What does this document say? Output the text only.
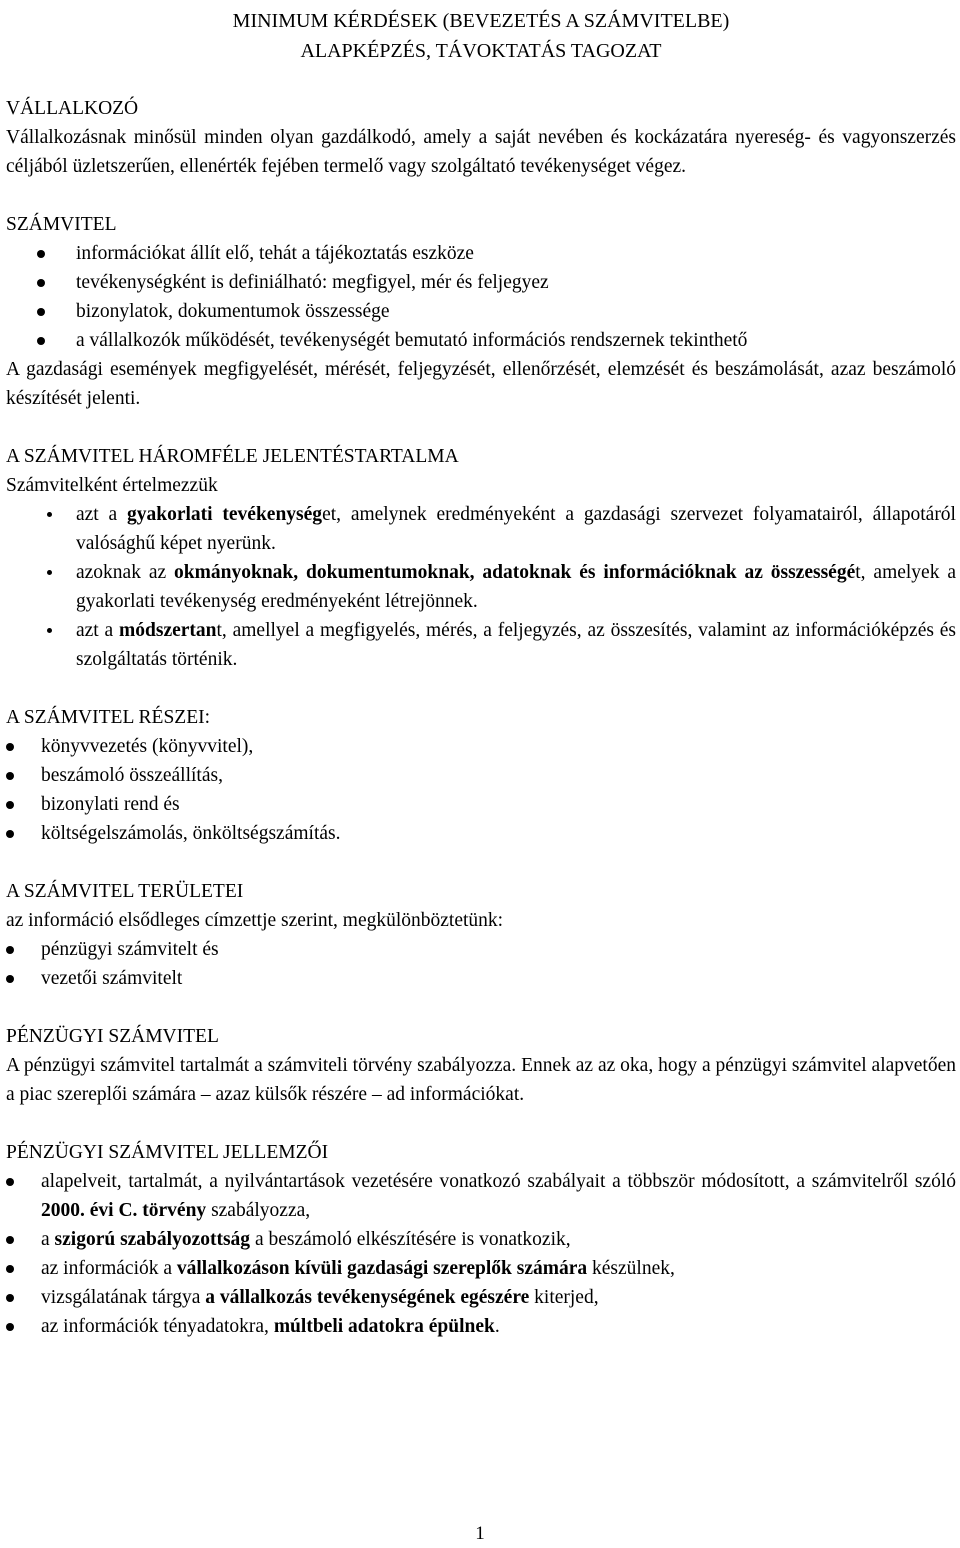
MINIMUM KÉRDÉSEK (BEVEZETÉS A SZÁMVITELBE)
ALAPKÉPZÉS, TÁVOKTATÁS TAGOZAT

VÁLLALKOZÓ

Vállalkozásnak minősül minden olyan gazdálkodó, amely a saját nevében és kockázatára nyereség- és vagyonszerzés céljából üzletszerűen, ellenérték fejében termelő vagy szolgáltató tevékenységet végez.

SZÁMVITEL

információkat állít elő, tehát a tájékoztatás eszköze
tevékenységként is definiálható: megfigyel, mér és feljegyez
bizonylatok, dokumentumok összessége
a vállalkozók működését, tevékenységét bemutató információs rendszernek tekinthető

A gazdasági események megfigyelését, mérését, feljegyzését, ellenőrzését, elemzését és beszámolását, azaz beszámoló készítését jelenti.

A SZÁMVITEL HÁROMFÉLE JELENTÉSTARTALMA

Számvitelként értelmezzük

azt a gyakorlati tevékenységet, amelynek eredményeként a gazdasági szervezet folyamatairól, állapotáról valósághű képet nyerünk.
azoknak az okmányoknak, dokumentumoknak, adatoknak és információknak az összességét, amelyek a gyakorlati tevékenység eredményeként létrejönnek.
azt a módszertant, amellyel a megfigyelés, mérés, a feljegyzés, az összesítés, valamint az információképzés és szolgáltatás történik.

A SZÁMVITEL RÉSZEI:

könyvvezetés (könyvvitel),
beszámoló összeállítás,
bizonylati rend és
költségelszámolás, önköltségszámítás.

A SZÁMVITEL TERÜLETEI

az információ elsődleges címzettje szerint, megkülönböztetünk:

pénzügyi számvitelt és
vezetői számvitelt

PÉNZÜGYI SZÁMVITEL

A pénzügyi számvitel tartalmát a számviteli törvény szabályozza. Ennek az az oka, hogy a pénzügyi számvitel alapvetően a piac szereplői számára – azaz külsők részére – ad információkat.

PÉNZÜGYI SZÁMVITEL JELLEMZŐI

alapelveit, tartalmát, a nyilvántartások vezetésére vonatkozó szabályait a többször módosított, a számvitelről szóló 2000. évi C. törvény szabályozza,
a szigorú szabályozottság a beszámoló elkészítésére is vonatkozik,
az információk a vállalkozáson kívüli gazdasági szereplők számára készülnek,
vizsgálatának tárgya a vállalkozás tevékenységének egészére kiterjed,
az információk tényadatokra, múltbeli adatokra épülnek.
1
